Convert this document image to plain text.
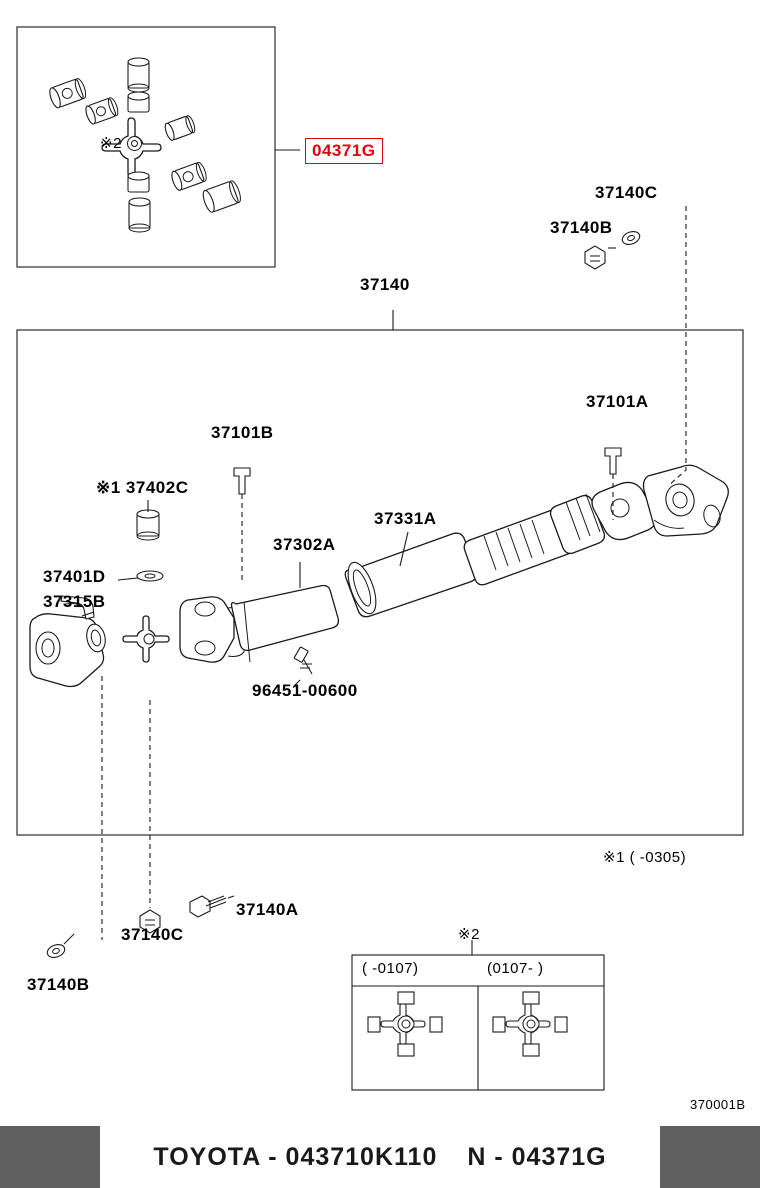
04371G
※2
37140C
37140B
37140
37101A
37101B
※1 37402C
37331A
37302A
37401D
37315B
96451-00600
※1 ( -0305)
※2
37140A
37140C
37140B
( -0107)	(0107- )
370001B
TOYOTA - 043710K110 N - 04371G
